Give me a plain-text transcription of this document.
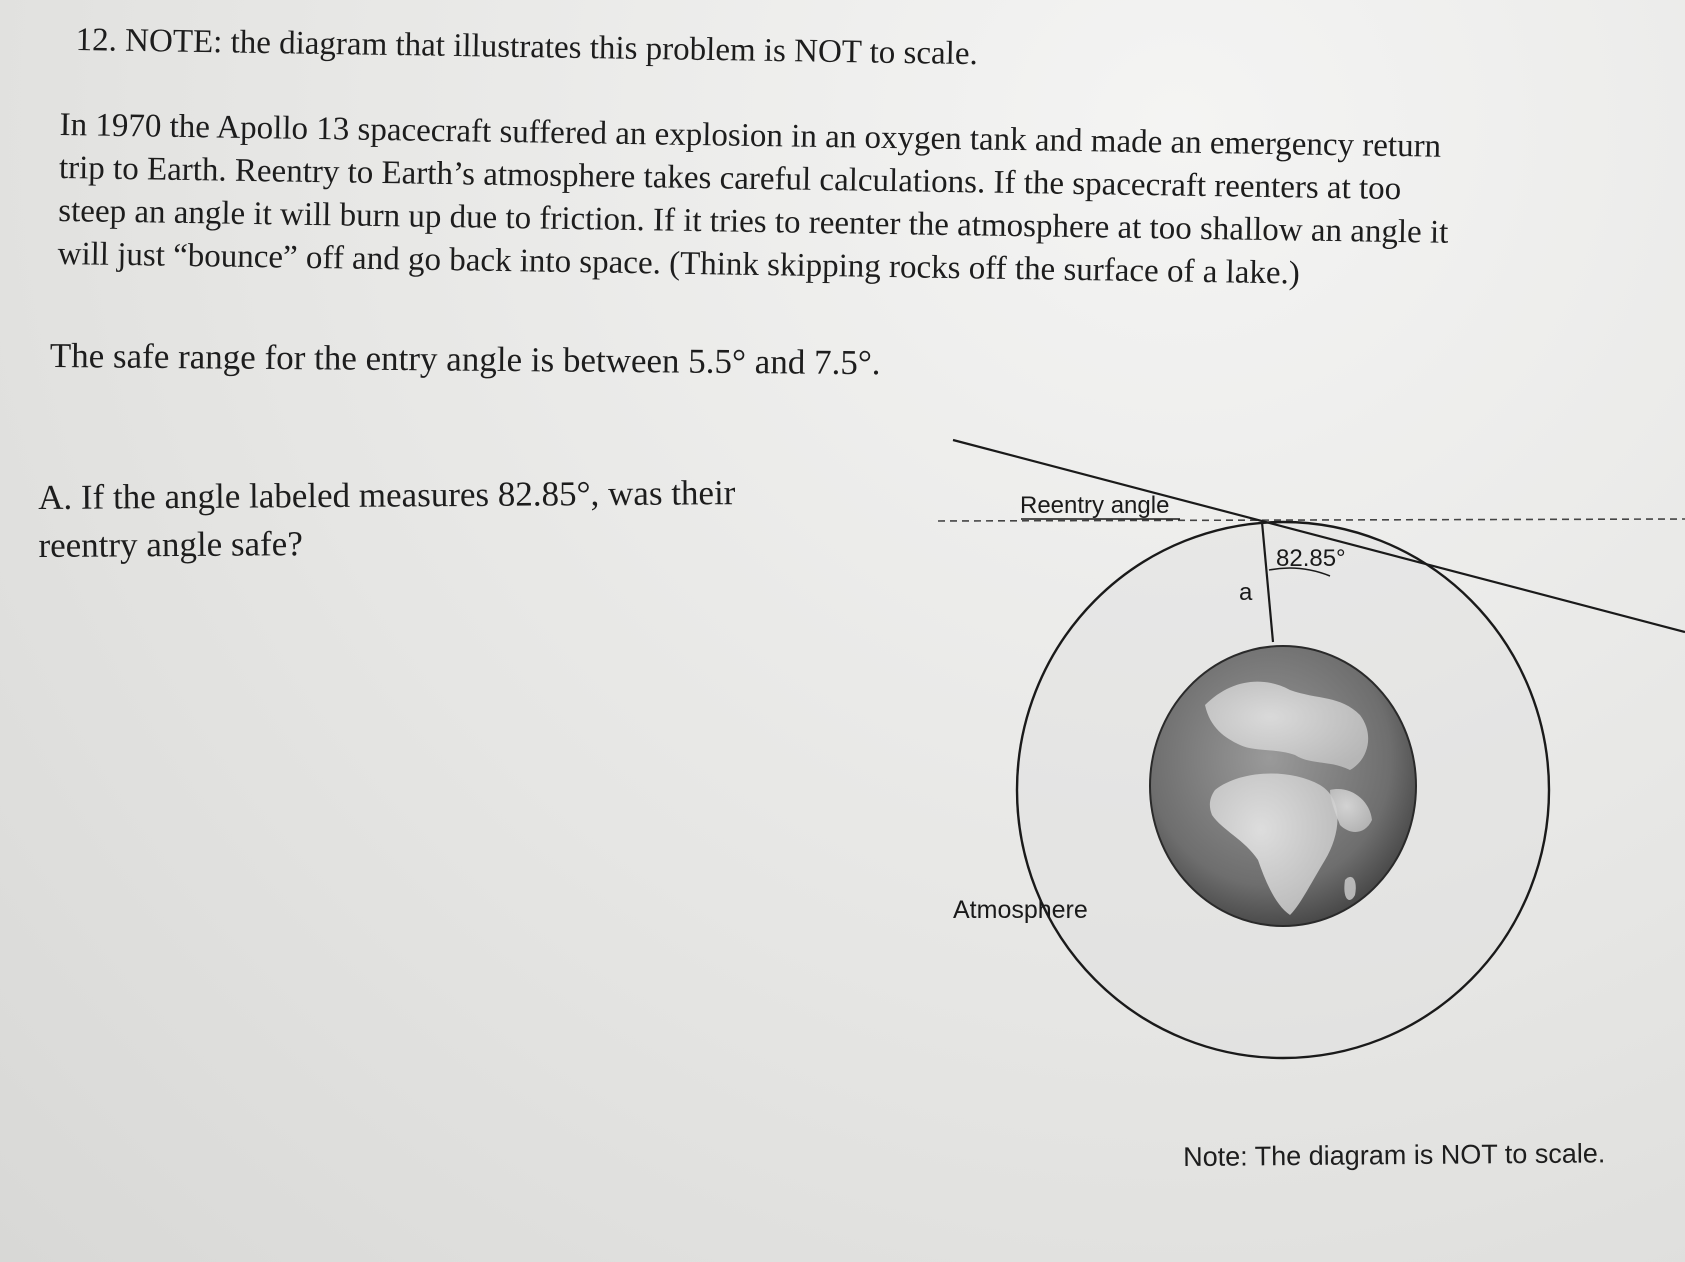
12. NOTE: the diagram that illustrates this problem is NOT to scale.
In 1970 the Apollo 13 spacecraft suffered an explosion in an oxygen tank and made an emergency return
trip to Earth. Reentry to Earth’s atmosphere takes careful calculations. If the spacecraft reenters at too
steep an angle it will burn up due to friction. If it tries to reenter the atmosphere at too shallow an angle it
will just “bounce” off and go back into space. (Think skipping rocks off the surface of a lake.)
The safe range for the entry angle is between 5.5° and 7.5°.
A. If the angle labeled measures 82.85°, was their
reentry angle safe?
Reentry angle
82.85°
a
Atmosphere
Note: The diagram is NOT to scale.
